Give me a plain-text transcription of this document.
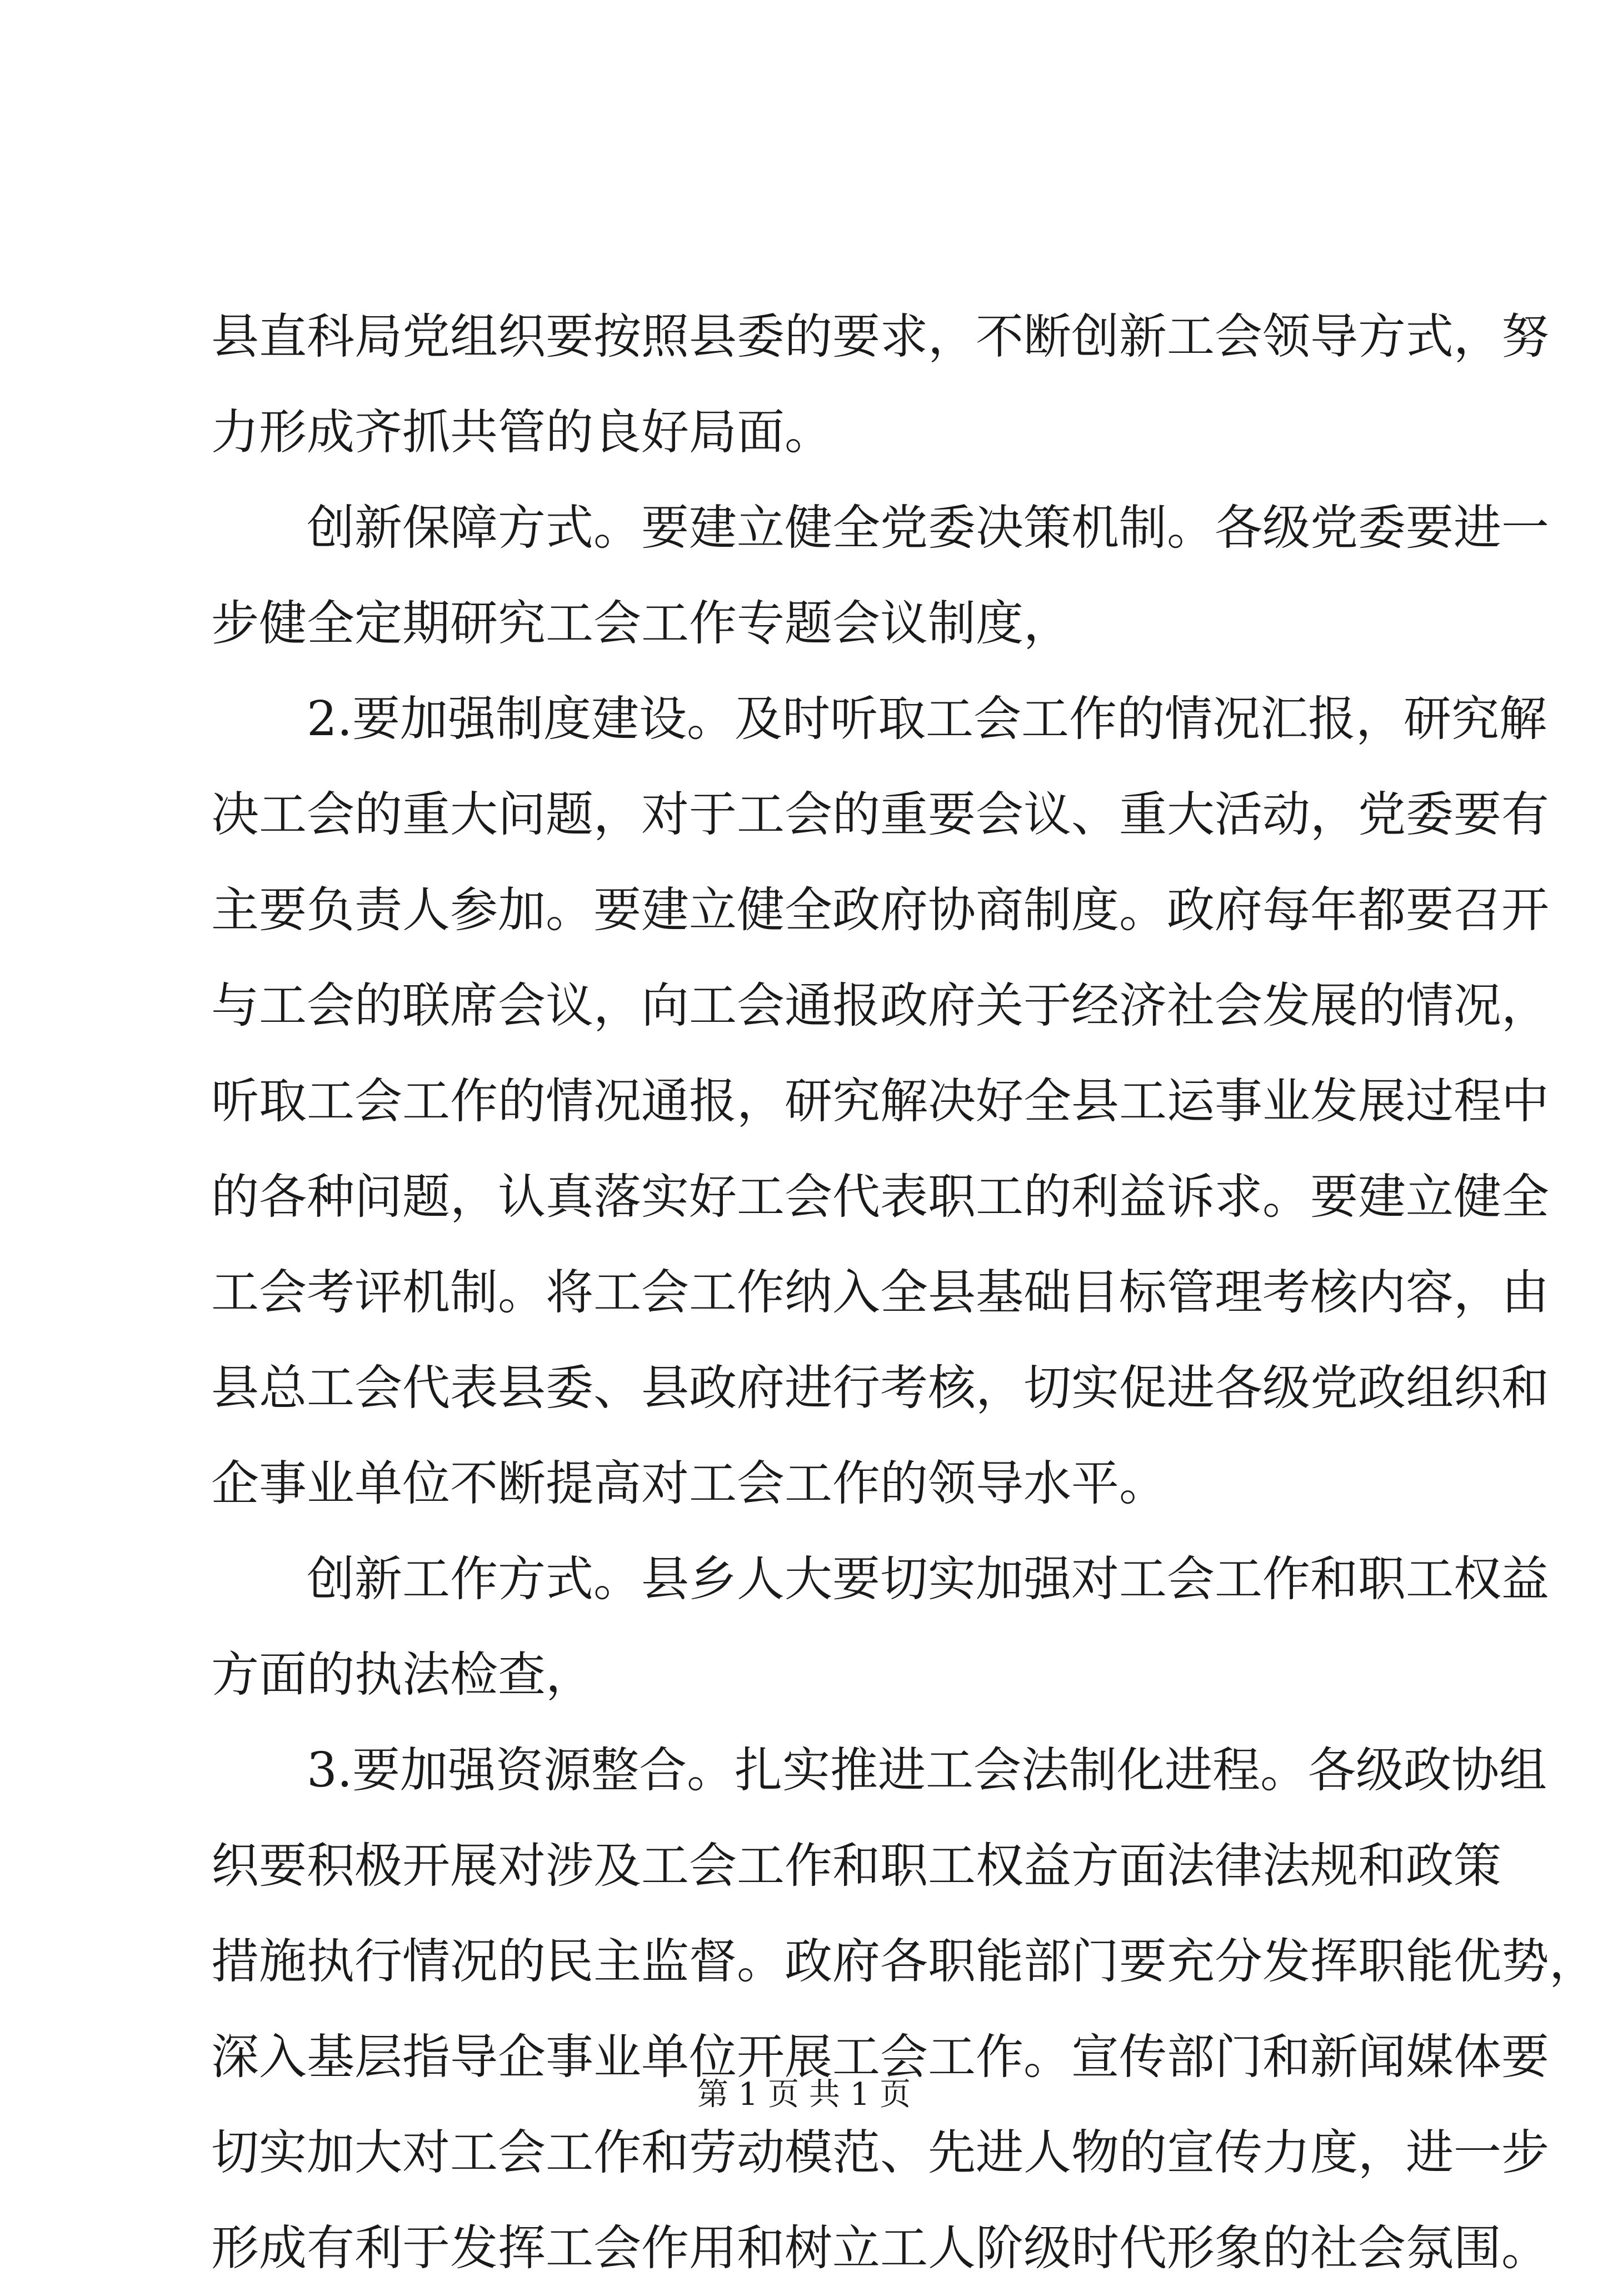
县直科局党组织要按照县委的要求，不断创新工会领导方式，努
力形成齐抓共管的良好局面。
创新保障方式。要建立健全党委决策机制。各级党委要进一
步健全定期研究工会工作专题会议制度，
2.要加强制度建设。及时听取工会工作的情况汇报，研究解
决工会的重大问题，对于工会的重要会议、重大活动，党委要有
主要负责人参加。要建立健全政府协商制度。政府每年都要召开
与工会的联席会议，向工会通报政府关于经济社会发展的情况，
听取工会工作的情况通报，研究解决好全县工运事业发展过程中
的各种问题，认真落实好工会代表职工的利益诉求。要建立健全
工会考评机制。将工会工作纳入全县基础目标管理考核内容，由
县总工会代表县委、县政府进行考核，切实促进各级党政组织和
企事业单位不断提高对工会工作的领导水平。
创新工作方式。县乡人大要切实加强对工会工作和职工权益
方面的执法检查，
3.要加强资源整合。扎实推进工会法制化进程。各级政协组
织要积极开展对涉及工会工作和职工权益方面法律法规和政策
措施执行情况的民主监督。政府各职能部门要充分发挥职能优势，
深入基层指导企事业单位开展工会工作。宣传部门和新闻媒体要
切实加大对工会工作和劳动模范、先进人物的宣传力度，进一步
形成有利于发挥工会作用和树立工人阶级时代形象的社会氛围。
第 1 页 共 1 页
